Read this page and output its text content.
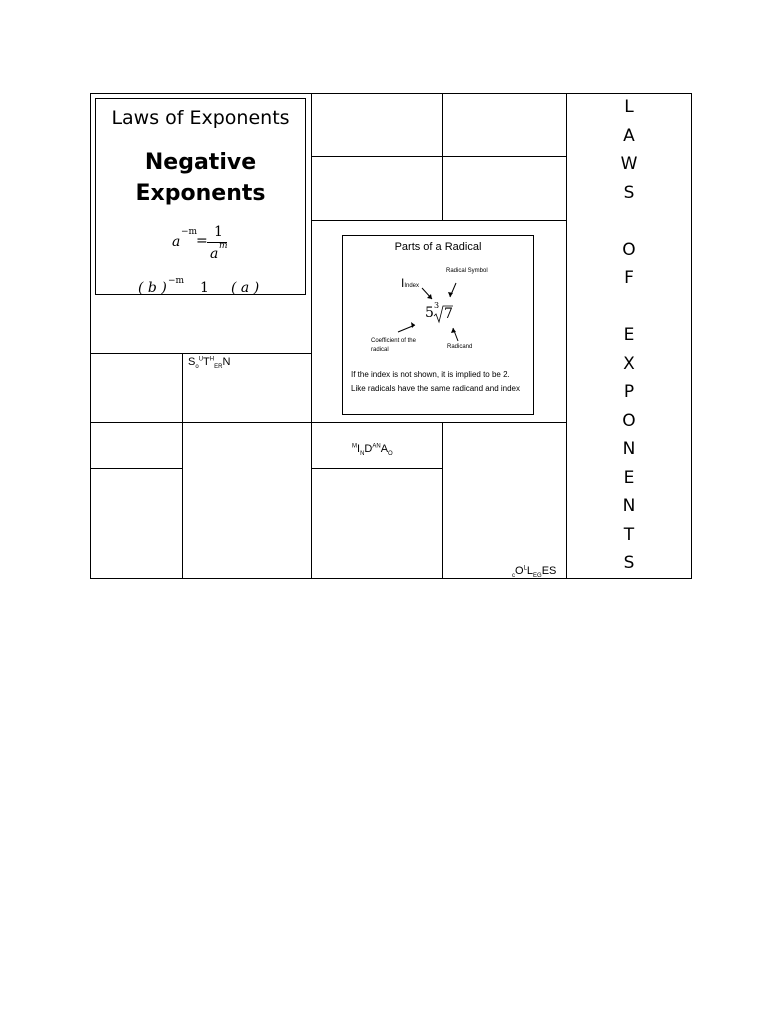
Laws of Exponents
Negative
Exponents
a
−m
=
1
a m
( b ) −m 1 ( a )
Parts of a Radical
IIndex
Radical Symbol
5 3
7
Coefficient of the
radical	Radicand
If the index is not shown, it is implied to be 2.
Like radicals have the same radicand and index
$S_o^UT^H_{ER}N$
$^MI_ND^{AN}A_O$
$_cO^LL_{EG}ES$
L
A
W
S
O
F
E
X
P
O
N
E
N
T
S
